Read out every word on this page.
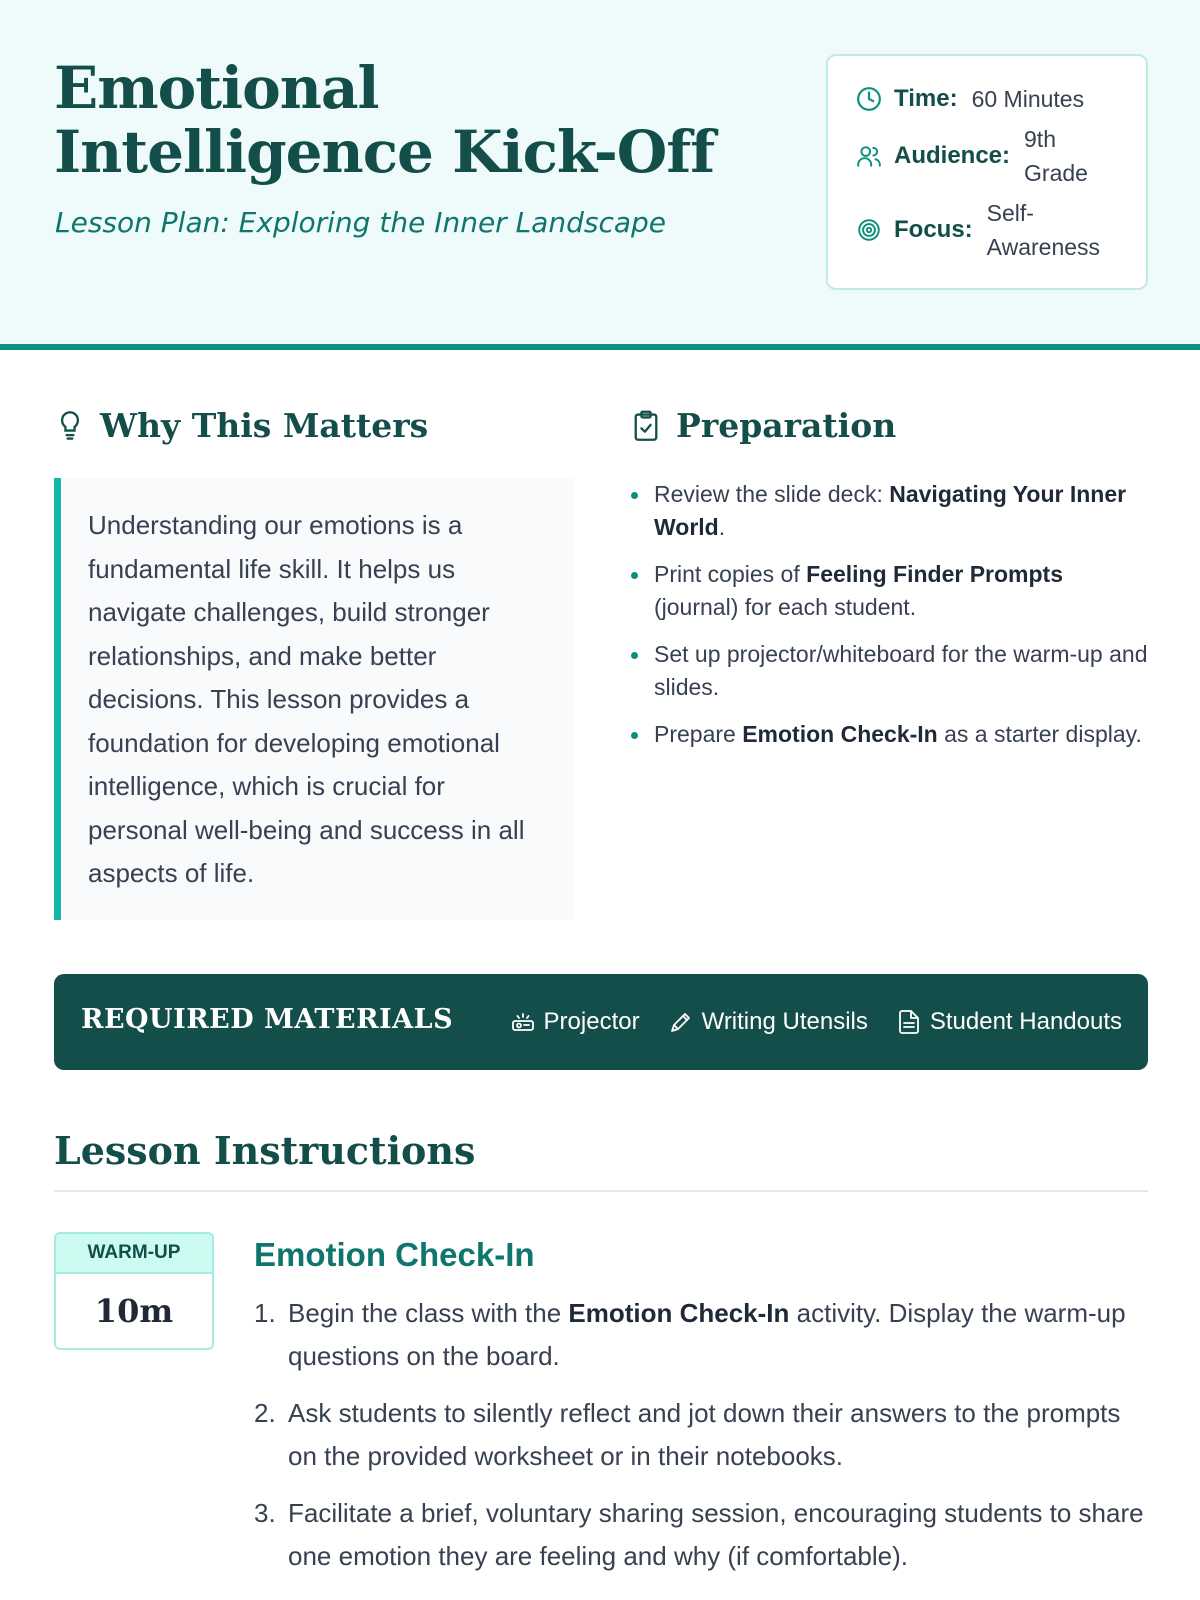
Emotional Intelligence Kick-Off
Lesson Plan: Exploring the Inner Landscape
Time: 60 Minutes
Audience:
9th Grade
Focus:
Self-Awareness
Why This Matters

Understanding our emotions is a fundamental life skill. It helps us navigate challenges, build stronger relationships, and make better decisions. This lesson provides a foundation for developing emotional intelligence, which is crucial for personal well-being and success in all aspects of life.

Preparation
Review the slide deck: Navigating Your Inner World.
Print copies of Feeling Finder Prompts (journal) for each student.
Set up projector/whiteboard for the warm-up and slides.
Prepare Emotion Check-In as a starter display.
REQUIRED MATERIALS	Projector	Writing Utensils	Student Handouts
Lesson Instructions
WARM-UP
10m
Emotion Check-In
1. Begin the class with the Emotion Check-In activity. Display the warm-up questions on the board.
2. Ask students to silently reflect and jot down their answers to the prompts on the provided worksheet or in their notebooks.
3. Facilitate a brief, voluntary sharing session, encouraging students to share one emotion they are feeling and why (if comfortable).
